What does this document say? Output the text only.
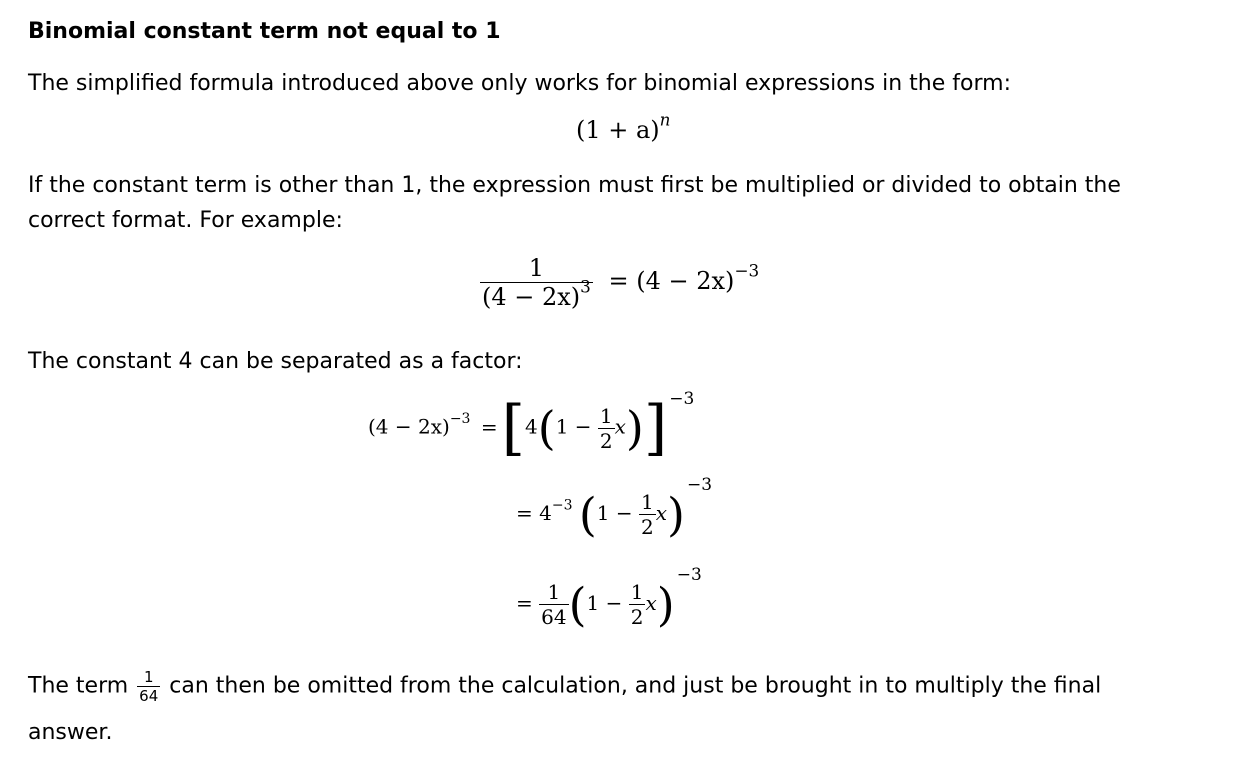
Binomial constant term not equal to 1
The simplified formula introduced above only works for binomial expressions in the form:
$(1 + a)^n$
If the constant term is other than 1, the expression must first be multiplied or divided to obtain the
correct format. For example:
$\frac{1}{(4 - 2x)^3} = (4 - 2x)^{-3}$
The constant 4 can be separated as a factor:
$(4 - 2x)^{-3} =[4(1 - \frac{1}{2} x)]$ $^{-3}$
= $4^{-3}$ $(1 - \frac{1}{2} x)^{-3}$
= $\frac{1}{64} (1 - \frac{1}{2} x)^{-3}$
The term $\frac{1}{64}$ can then be omitted from the calculation, and just be brought in to multiply the final
answer.
